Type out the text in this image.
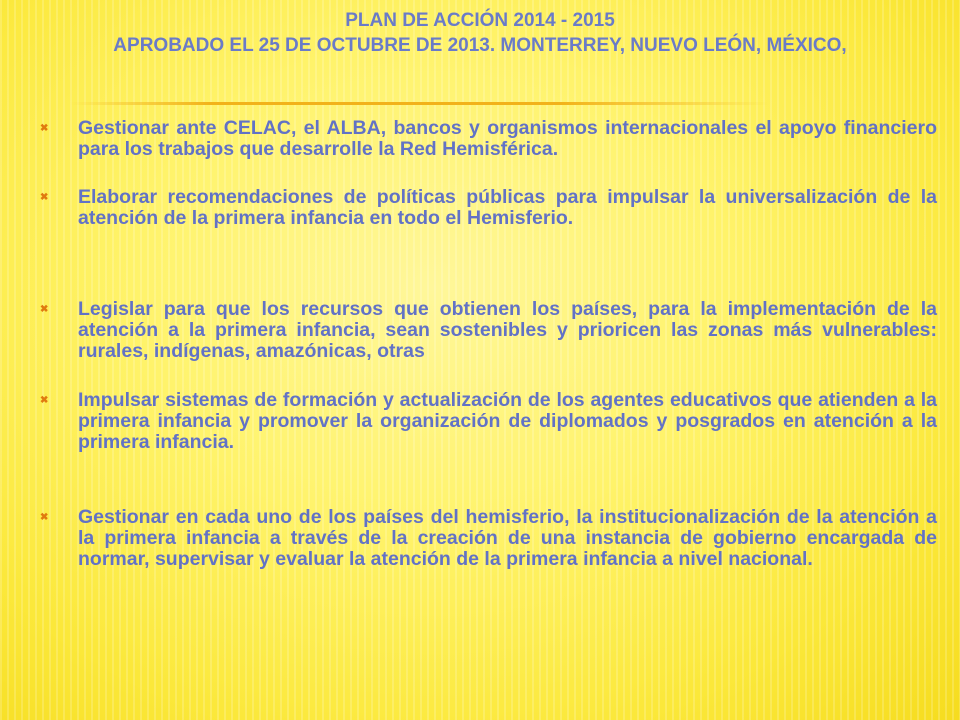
PLAN DE ACCIÓN 2014 - 2015
APROBADO EL 25 DE OCTUBRE DE 2013. MONTERREY, NUEVO LEÓN, MÉXICO,
✖ Gestionar ante CELAC, el ALBA, bancos y organismos internacionales el apoyo financiero para los trabajos que desarrolle la Red Hemisférica.
✖ Elaborar recomendaciones de políticas públicas para impulsar la universalización de la atención de la primera infancia en todo el Hemisferio.
✖ Legislar para que los recursos que obtienen los países, para la implementación de la atención a la primera infancia, sean sostenibles y prioricen las zonas más vulnerables: rurales, indígenas, amazónicas, otras
✖ Impulsar sistemas de formación y actualización de los agentes educativos que atienden a la primera infancia y promover la organización de diplomados y posgrados en atención a la primera infancia.
✖ Gestionar en cada uno de los países del hemisferio, la institucionalización de la atención a la primera infancia a través de la creación de una instancia de gobierno encargada de normar, supervisar y evaluar la atención de la primera infancia a nivel nacional.
